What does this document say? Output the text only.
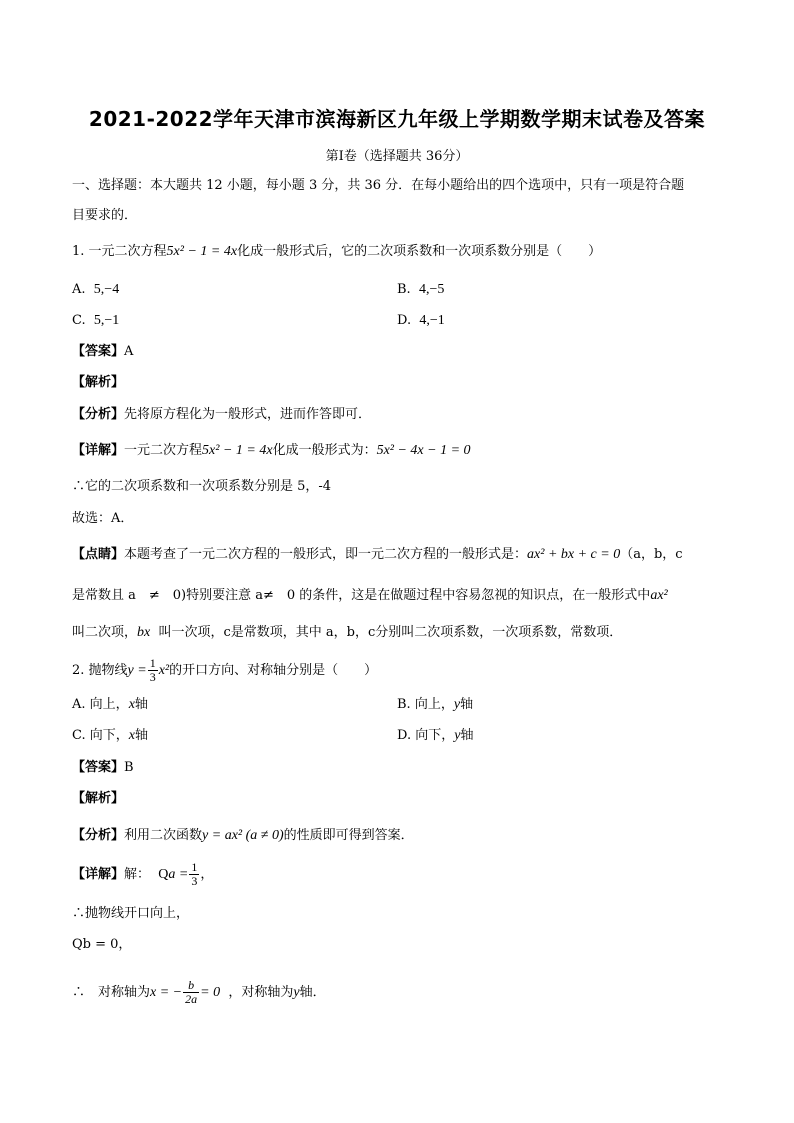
2021-2022学年天津市滨海新区九年级上学期数学期末试卷及答案
第Ⅰ卷（选择题共 36分）
一、选择题：本大题共 12 小题，每小题 3 分，共 36 分．在每小题给出的四个选项中，只有一项是符合题
目要求的．
1. 一元二次方程5x² − 1 = 4x化成一般形式后，它的二次项系数和一次项系数分别是（　　）
A. 5,−4	B. 4,−5
C. 5,−1	D. 4,−1
【答案】A
【解析】
【分析】先将原方程化为一般形式，进而作答即可．
【详解】一元二次方程5x² − 1 = 4x化成一般形式为：5x² − 4x − 1 = 0
∴它的二次项系数和一次项系数分别是 5，-4
故选：A．
【点睛】本题考查了一元二次方程的一般形式，即一元二次方程的一般形式是：ax² + bx + c = 0（a，b，c
是常数且 a　≠　0)特别要注意 a≠　0 的条件，这是在做题过程中容易忽视的知识点，在一般形式中ax²
叫二次项，bx 叫一次项，c是常数项，其中 a，b，c分别叫二次项系数，一次项系数，常数项．
2. 抛物线$y = \frac{1}{3} x^2$的开口方向、对称轴分别是（　　）
A. 向上，x轴	B. 向上，y轴
C. 向下，x轴	D. 向下，y轴
【答案】B
【解析】
【分析】利用二次函数y = ax² (a ≠ 0)的性质即可得到答案．
【详解】解： $Qa = \frac{1}{3}$ ，
∴抛物线开口向上，
Qb = 0，
∴　对称轴为x = − $\frac{b}{2a} = 0$ ，对称轴为y轴．
